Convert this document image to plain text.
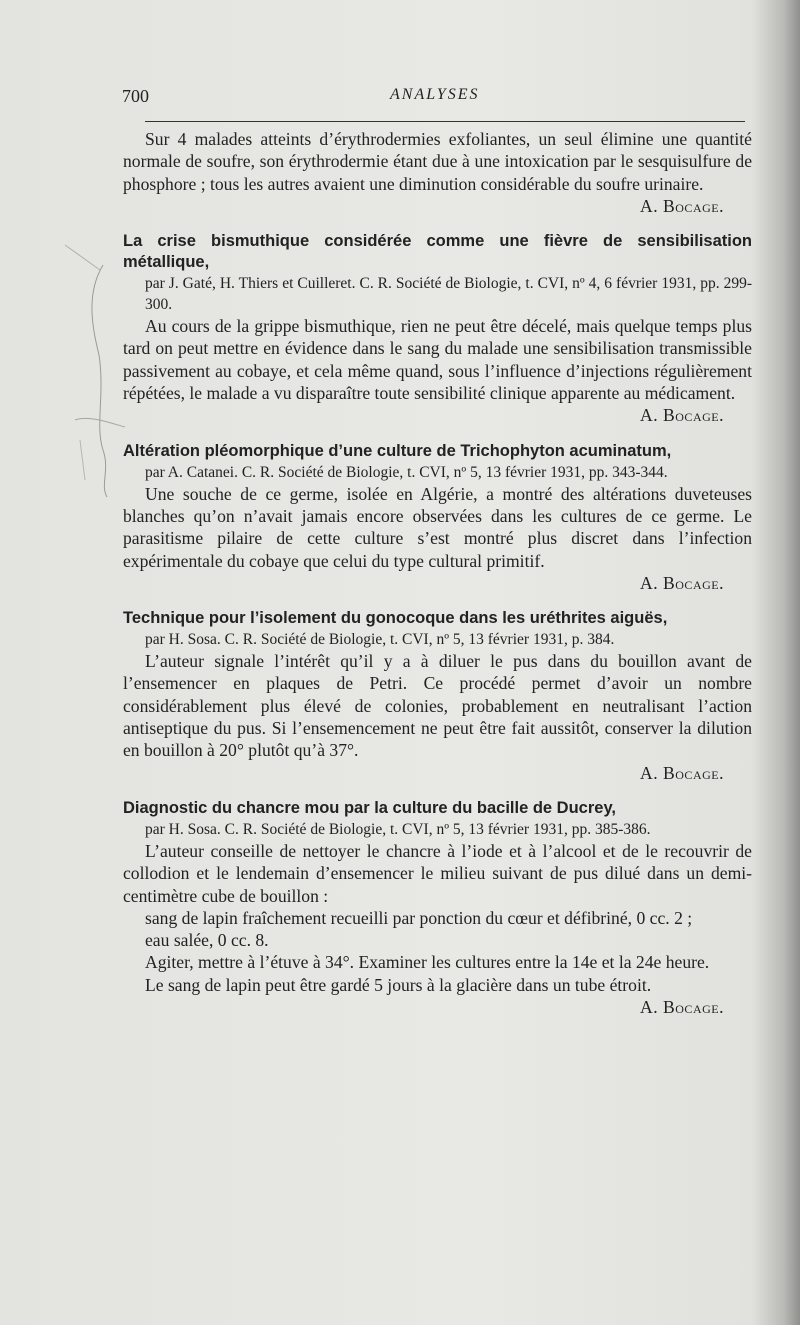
700	ANALYSES

Sur 4 malades atteints d’érythrodermies exfoliantes, un seul élimine une quantité normale de soufre, son érythrodermie étant due à une intoxication par le sesquisulfure de phosphore ; tous les autres avaient une diminution considérable du soufre urinaire.

A. Bocage.

La crise bismuthique considérée comme une fièvre de sensibilisation métallique,

par J. Gaté, H. Thiers et Cuilleret. C. R. Société de Biologie, t. CVI, nº 4, 6 février 1931, pp. 299-300.

Au cours de la grippe bismuthique, rien ne peut être décelé, mais quelque temps plus tard on peut mettre en évidence dans le sang du malade une sensibilisation transmissible passivement au cobaye, et cela même quand, sous l’influence d’injections régulièrement répétées, le malade a vu disparaître toute sensibilité clinique apparente au médicament.

A. Bocage.

Altération pléomorphique d’une culture de Trichophyton acuminatum,

par A. Catanei. C. R. Société de Biologie, t. CVI, nº 5, 13 février 1931, pp. 343-344.

Une souche de ce germe, isolée en Algérie, a montré des altérations duveteuses blanches qu’on n’avait jamais encore observées dans les cultures de ce germe. Le parasitisme pilaire de cette culture s’est montré plus discret dans l’infection expérimentale du cobaye que celui du type cultural primitif.

A. Bocage.

Technique pour l’isolement du gonocoque dans les uréthrites aiguës,

par H. Sosa. C. R. Société de Biologie, t. CVI, nº 5, 13 février 1931, p. 384.

L’auteur signale l’intérêt qu’il y a à diluer le pus dans du bouillon avant de l’ensemencer en plaques de Petri. Ce procédé permet d’avoir un nombre considérablement plus élevé de colonies, probablement en neutralisant l’action antiseptique du pus. Si l’ensemencement ne peut être fait aussitôt, conserver la dilution en bouillon à 20° plutôt qu’à 37°.

A. Bocage.

Diagnostic du chancre mou par la culture du bacille de Ducrey,

par H. Sosa. C. R. Société de Biologie, t. CVI, nº 5, 13 février 1931, pp. 385-386.

L’auteur conseille de nettoyer le chancre à l’iode et à l’alcool et de le recouvrir de collodion et le lendemain d’ensemencer le milieu suivant de pus dilué dans un demi-centimètre cube de bouillon :

sang de lapin fraîchement recueilli par ponction du cœur et défibriné, 0 cc. 2 ;

eau salée, 0 cc. 8.

Agiter, mettre à l’étuve à 34°. Examiner les cultures entre la 14e et la 24e heure.

Le sang de lapin peut être gardé 5 jours à la glacière dans un tube étroit.

A. Bocage.
